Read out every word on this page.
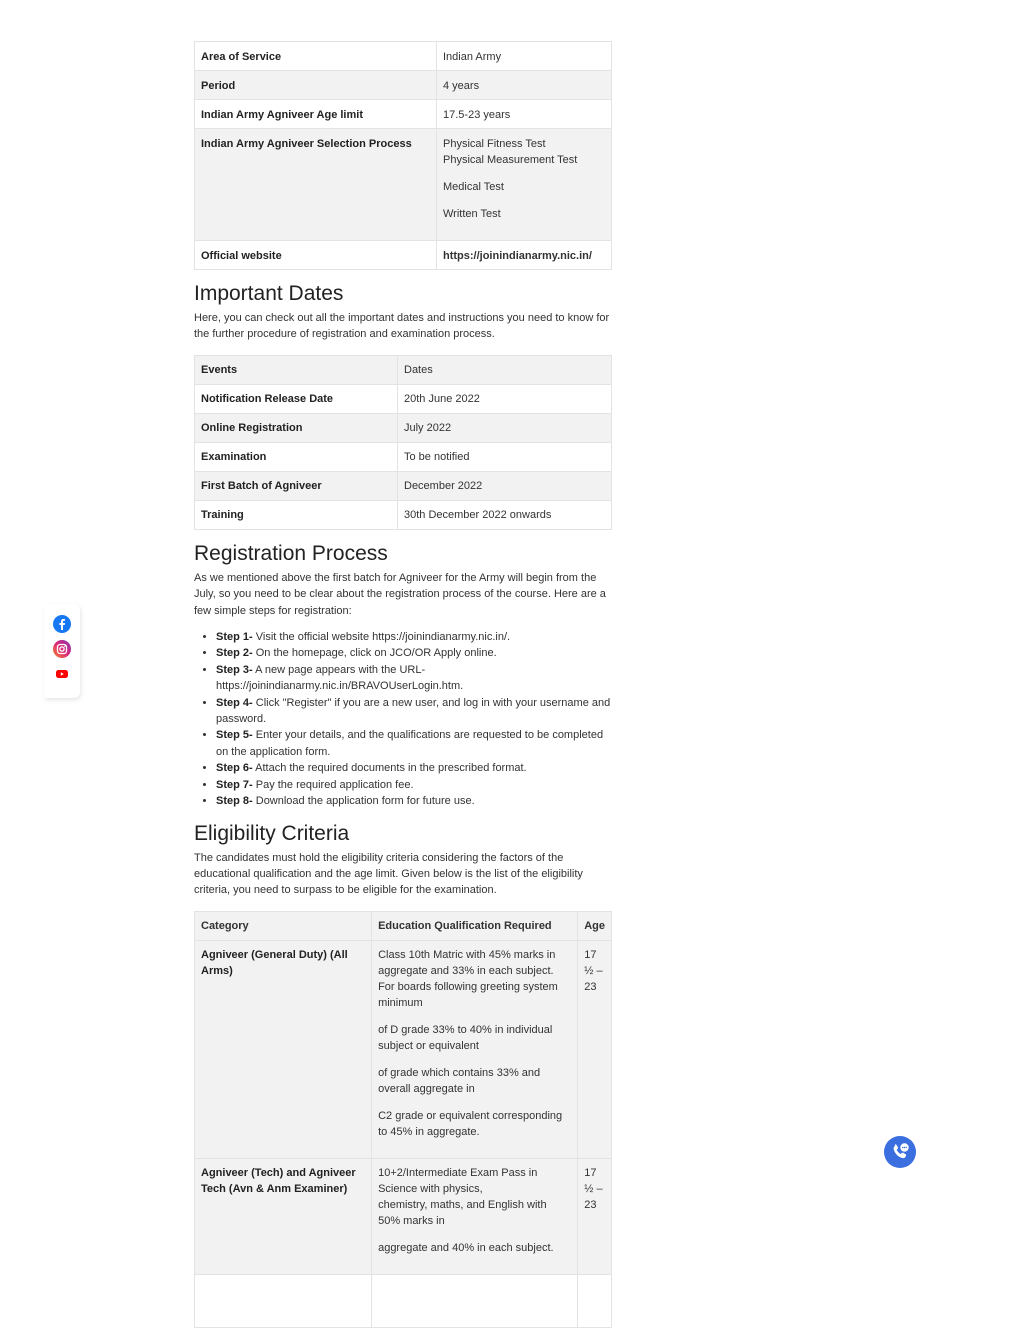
Area of Service	Indian Army

Period	4 years

Indian Army Agniveer Age limit	17.5-23 years

Indian Army Agniveer Selection Process	Physical Fitness Test
Physical Measurement Test
Medical Test
Written Test

Official website	https://joinindianarmy.nic.in/
Important Dates

Here, you can check out all the important dates and instructions you need to know for the further procedure of registration and examination process.

Events	Dates
Notification Release Date	20th June 2022
Online Registration	July 2022
Examination	To be notified
First Batch of Agniveer	December 2022
Training	30th December 2022 onwards
Registration Process

As we mentioned above the first batch for Agniveer for the Army will begin from the July, so you need to be clear about the registration process of the course. Here are a few simple steps for registration:

• Step 1- Visit the official website https://joinindianarmy.nic.in/.
• Step 2- On the homepage, click on JCO/OR Apply online.
• Step 3- A new page appears with the URL- https://joinindianarmy.nic.in/BRAVOUserLogin.htm.
• Step 4- Click "Register" if you are a new user, and log in with your username and password.
• Step 5- Enter your details, and the qualifications are requested to be completed on the application form.
• Step 6- Attach the required documents in the prescribed format.
• Step 7- Pay the required application fee.
• Step 8- Download the application form for future use.
Eligibility Criteria

The candidates must hold the eligibility criteria considering the factors of the educational qualification and the age limit. Given below is the list of the eligibility criteria, you need to surpass to be eligible for the examination.

Category	Education Qualification Required	Age
Agniveer (General Duty) (All Arms)	Class 10th Matric with 45% marks in aggregate and 33% in each subject. For boards following greeting system minimum
of D grade 33% to 40% in individual subject or equivalent
of grade which contains 33% and overall aggregate in
C2 grade or equivalent corresponding to 45% in aggregate.	17 ½ – 23
Agniveer (Tech) and Agniveer Tech (Avn & Anm Examiner)	10+2/Intermediate Exam Pass in Science with physics,
chemistry, maths, and English with 50% marks in
aggregate and 40% in each subject.	17 ½ – 23
